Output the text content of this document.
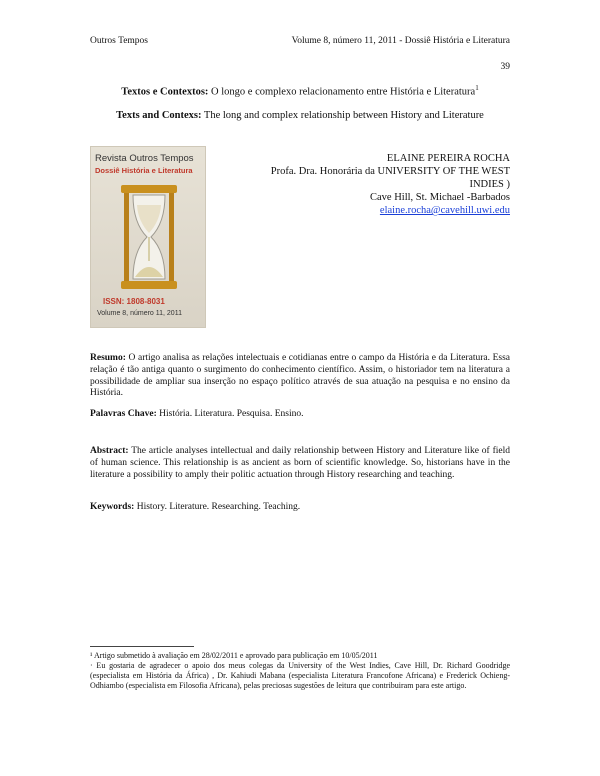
Outros Tempos	Volume 8, número 11, 2011 - Dossiê História e Literatura
39
Textos e Contextos: O longo e complexo relacionamento entre História e Literatura$^1$
Texts and Contexs: The long and complex relationship between History and Literature
Revista Outros Tempos
Dossiê História e Literatura
ISSN: 1808-8031
Volume 8, número 11, 2011
ELAINE PEREIRA ROCHA
Profa. Dra. Honorária da UNIVERSITY OF THE WEST INDIES )
Cave Hill, St. Michael -Barbados
elaine.rocha@cavehill.uwi.edu
Resumo: O artigo analisa as relações intelectuais e cotidianas entre o campo da História e da Literatura. Essa relação é tão antiga quanto o surgimento do conhecimento científico. Assim, o historiador tem na literatura a possibilidade de ampliar sua inserção no espaço político através de sua atuação na pesquisa e no ensino da História.
Palavras Chave: História. Literatura. Pesquisa. Ensino.
Abstract: The article analyses intellectual and daily relationship between History and Literature like of field of human science. This relationship is as ancient as born of scientific knowledge. So, historians have in the literature a possibility to amply their politic actuation through History researching and teaching.
Keywords: History. Literature. Researching. Teaching.
¹ Artigo submetido à avaliação em 28/02/2011 e aprovado para publicação em 10/05/2011
· Eu gostaria de agradecer o apoio dos meus colegas da University of the West Indies, Cave Hill, Dr. Richard Goodridge (especialista em História da África) , Dr. Kahiudi Mabana (especialista Literatura Francofone Africana) e Frederick Ochieng-Odhiambo (especialista em Filosofia Africana), pelas preciosas sugestões de leitura que contribuiram para este artigo.
